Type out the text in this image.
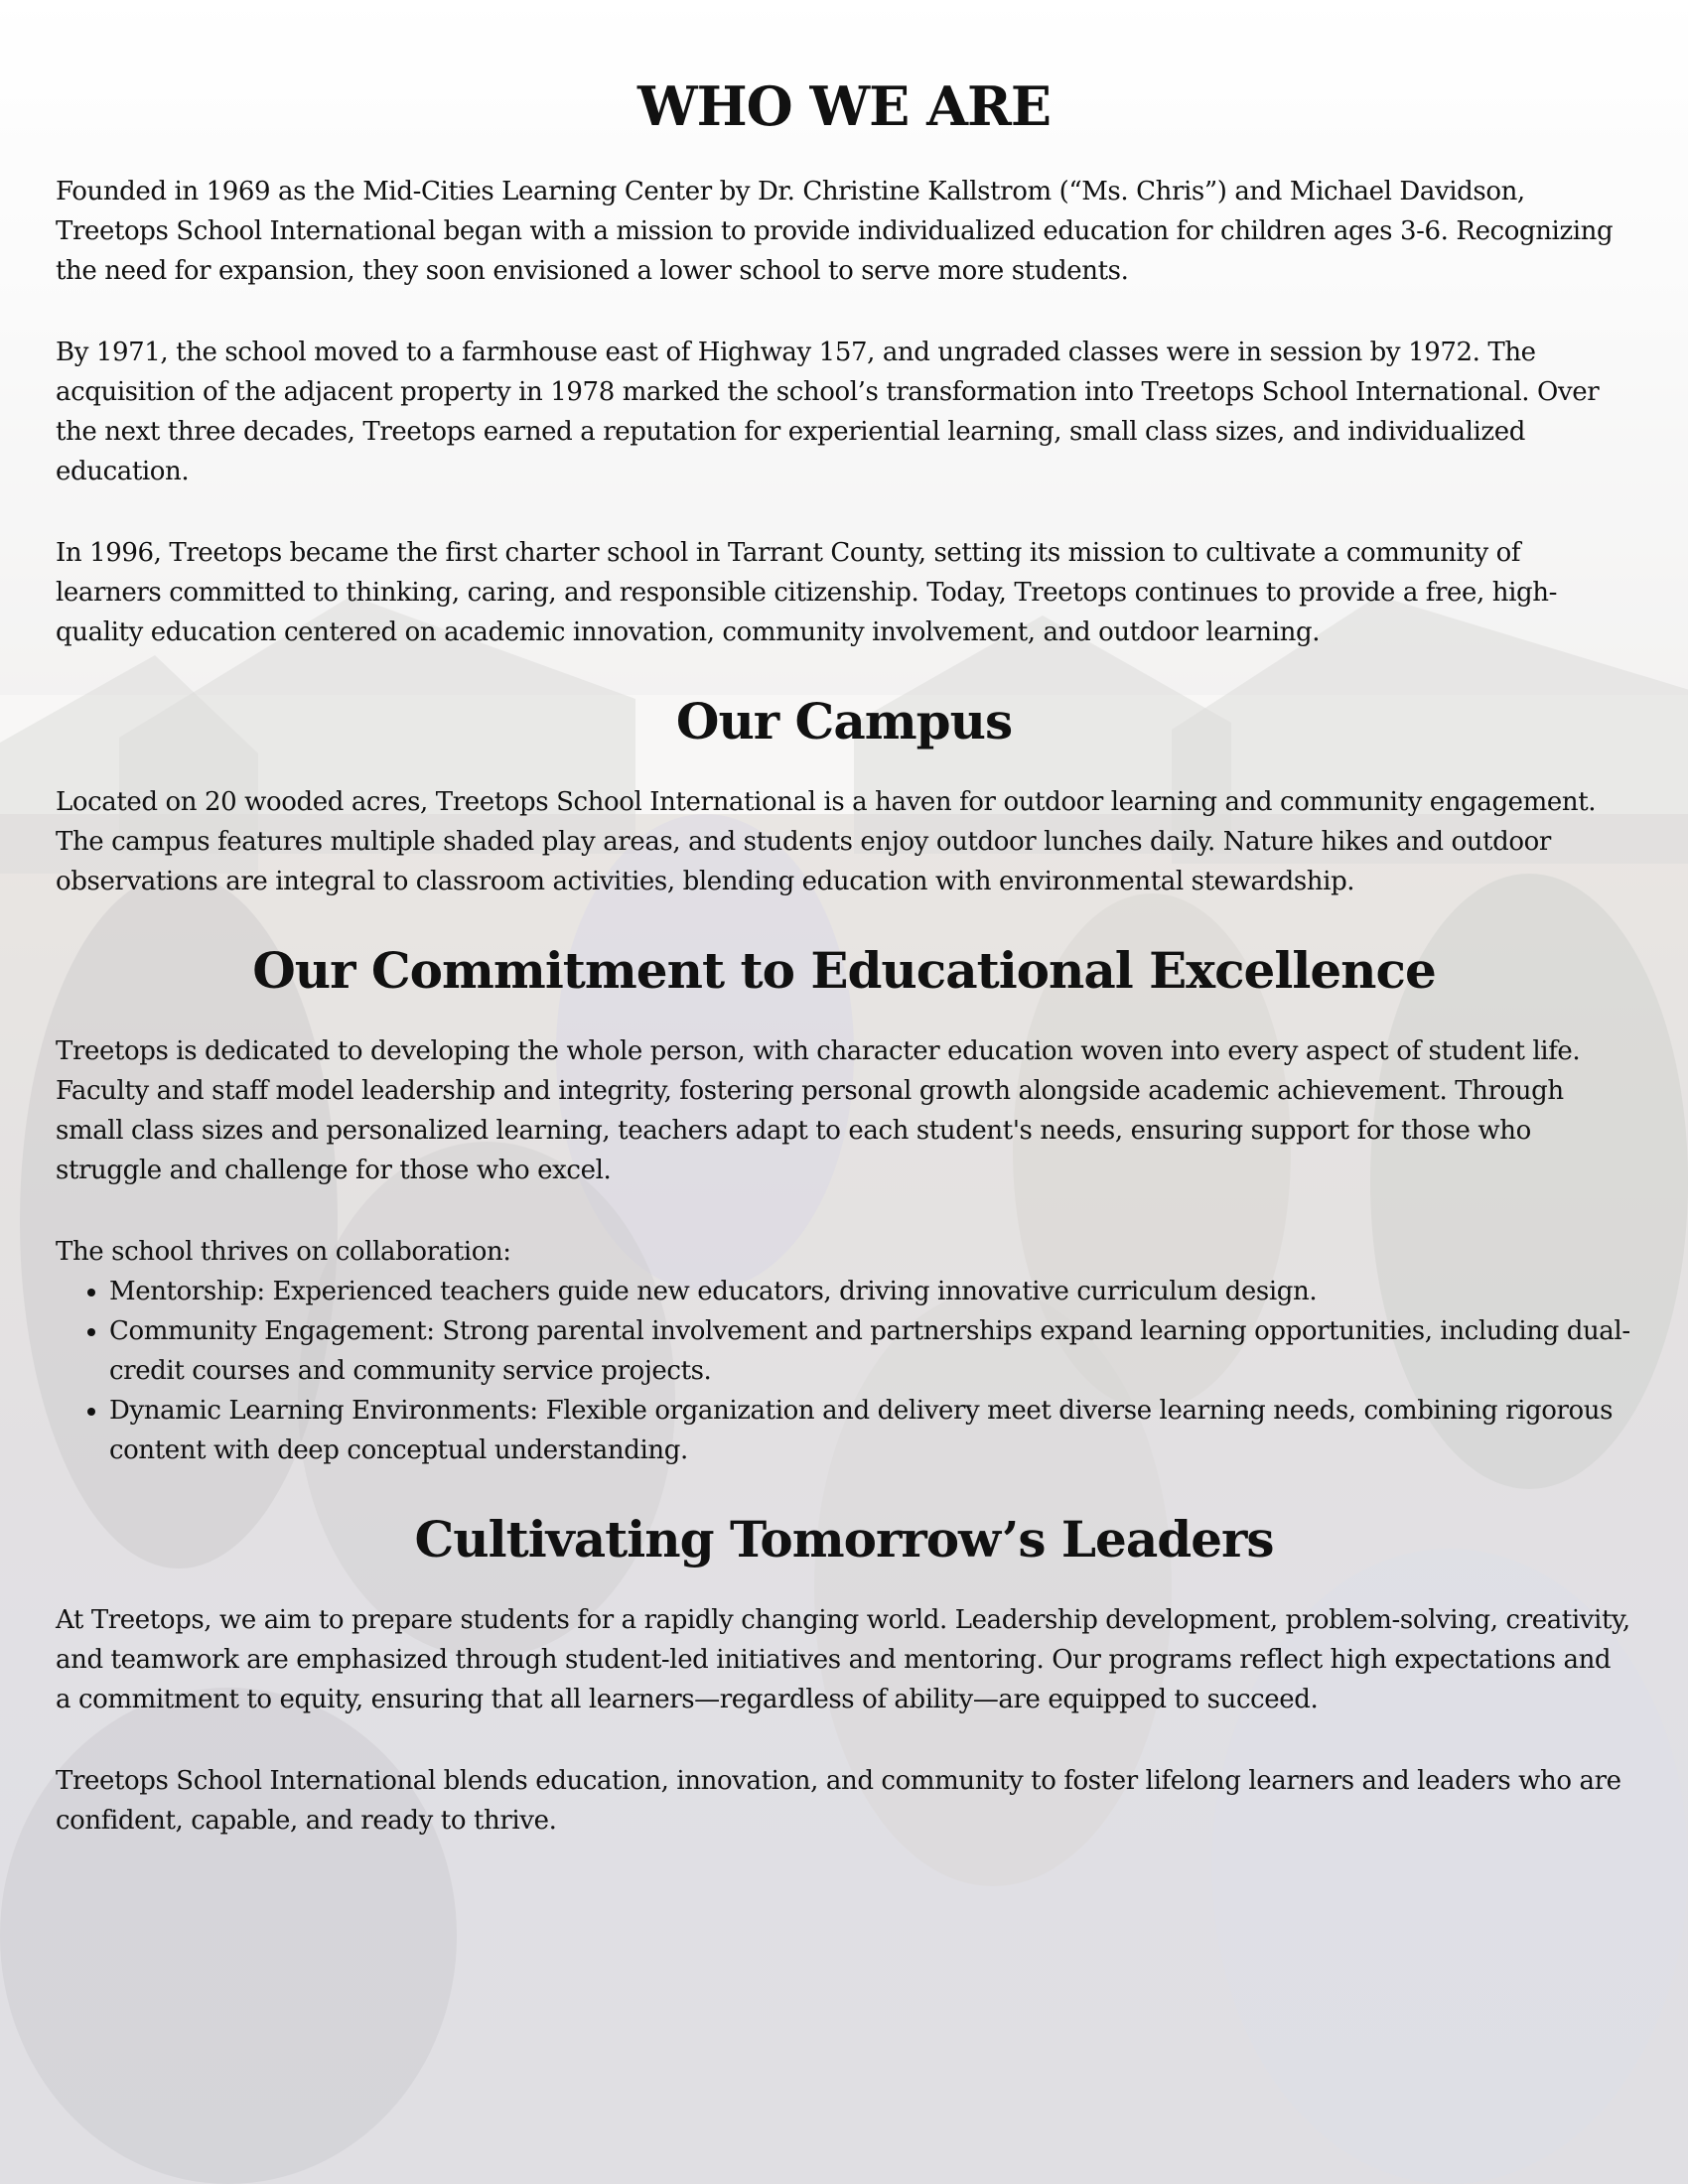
WHO WE ARE

Founded in 1969 as the Mid-Cities Learning Center by Dr. Christine Kallstrom (“Ms. Chris”) and Michael Davidson, Treetops School International began with a mission to provide individualized education for children ages 3-6. Recognizing the need for expansion, they soon envisioned a lower school to serve more students.

By 1971, the school moved to a farmhouse east of Highway 157, and ungraded classes were in session by 1972. The acquisition of the adjacent property in 1978 marked the school’s transformation into Treetops School International. Over the next three decades, Treetops earned a reputation for experiential learning, small class sizes, and individualized education.

In 1996, Treetops became the first charter school in Tarrant County, setting its mission to cultivate a community of learners committed to thinking, caring, and responsible citizenship. Today, Treetops continues to provide a free, high-quality education centered on academic innovation, community involvement, and outdoor learning.

Our Campus

Located on 20 wooded acres, Treetops School International is a haven for outdoor learning and community engagement. The campus features multiple shaded play areas, and students enjoy outdoor lunches daily. Nature hikes and outdoor observations are integral to classroom activities, blending education with environmental stewardship.

Our Commitment to Educational Excellence

Treetops is dedicated to developing the whole person, with character education woven into every aspect of student life. Faculty and staff model leadership and integrity, fostering personal growth alongside academic achievement. Through small class sizes and personalized learning, teachers adapt to each student's needs, ensuring support for those who struggle and challenge for those who excel.

The school thrives on collaboration:

• Mentorship: Experienced teachers guide new educators, driving innovative curriculum design.
• Community Engagement: Strong parental involvement and partnerships expand learning opportunities, including dual-credit courses and community service projects.
• Dynamic Learning Environments: Flexible organization and delivery meet diverse learning needs, combining rigorous content with deep conceptual understanding.
Cultivating Tomorrow’s Leaders

At Treetops, we aim to prepare students for a rapidly changing world. Leadership development, problem-solving, creativity, and teamwork are emphasized through student-led initiatives and mentoring. Our programs reflect high expectations and a commitment to equity, ensuring that all learners—regardless of ability—are equipped to succeed.

Treetops School International blends education, innovation, and community to foster lifelong learners and leaders who are confident, capable, and ready to thrive.
